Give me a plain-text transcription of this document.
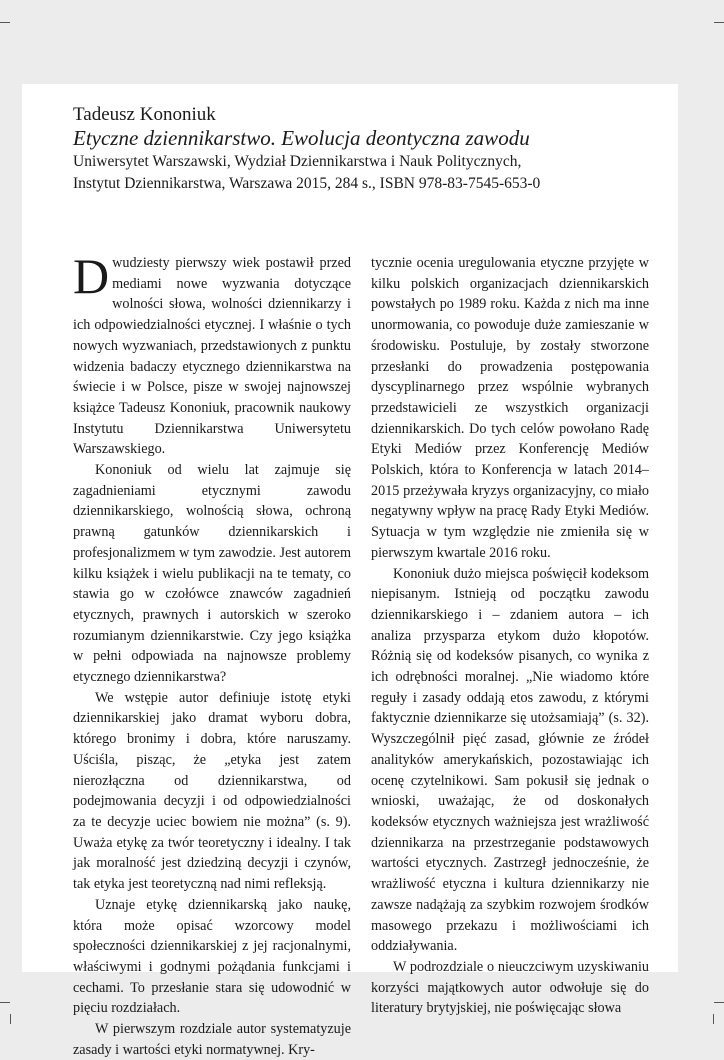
Tadeusz Kononiuk
Etyczne dziennikarstwo. Ewolucja deontyczna zawodu
Uniwersytet Warszawski, Wydział Dziennikarstwa i Nauk Politycznych,
Instytut Dziennikarstwa, Warszawa 2015, 284 s., ISBN 978-83-7545-653-0

Dwudziesty pierwszy wiek postawił przed mediami nowe wyzwania dotyczące wolności słowa, wolności dziennikarzy i ich odpowiedzialności etycznej. I właśnie o tych nowych wyzwaniach, przedstawionych z punktu widzenia badaczy etycznego dziennikarstwa na świecie i w Polsce, pisze w swojej najnowszej książce Tadeusz Kononiuk, pracownik naukowy Instytutu Dziennikarstwa Uniwersytetu Warszawskiego.

Kononiuk od wielu lat zajmuje się zagadnieniami etycznymi zawodu dziennikarskiego, wolnością słowa, ochroną prawną gatunków dziennikarskich i profesjonalizmem w tym zawodzie. Jest autorem kilku książek i wielu publikacji na te tematy, co stawia go w czołówce znawców zagadnień etycznych, prawnych i autorskich w szeroko rozumianym dziennikarstwie. Czy jego książka w pełni odpowiada na najnowsze problemy etycznego dziennikarstwa?

We wstępie autor definiuje istotę etyki dziennikarskiej jako dramat wyboru dobra, którego bronimy i dobra, które naruszamy. Uściśla, pisząc, że „etyka jest zatem nierozłączna od dziennikarstwa, od podejmowania decyzji i od odpowiedzialności za te decyzje uciec bowiem nie można” (s. 9). Uważa etykę za twór teoretyczny i idealny. I tak jak moralność jest dziedziną decyzji i czynów, tak etyka jest teoretyczną nad nimi refleksją.

Uznaje etykę dziennikarską jako naukę, która może opisać wzorcowy model społeczności dziennikarskiej z jej racjonalnymi, właściwymi i godnymi pożądania funkcjami i cechami. To przesłanie stara się udowodnić w pięciu rozdziałach.

W pierwszym rozdziale autor systematyzuje zasady i wartości etyki normatywnej. Kry-

tycznie ocenia uregulowania etyczne przyjęte w kilku polskich organizacjach dziennikarskich powstałych po 1989 roku. Każda z nich ma inne unormowania, co powoduje duże zamieszanie w środowisku. Postuluje, by zostały stworzone przesłanki do prowadzenia postępowania dyscyplinarnego przez wspólnie wybranych przedstawicieli ze wszystkich organizacji dziennikarskich. Do tych celów powołano Radę Etyki Mediów przez Konferencję Mediów Polskich, która to Konferencja w latach 2014–2015 przeżywała kryzys organizacyjny, co miało negatywny wpływ na pracę Rady Etyki Mediów. Sytuacja w tym względzie nie zmieniła się w pierwszym kwartale 2016 roku.

Kononiuk dużo miejsca poświęcił kodeksom niepisanym. Istnieją od początku zawodu dziennikarskiego i – zdaniem autora – ich analiza przysparza etykom dużo kłopotów. Różnią się od kodeksów pisanych, co wynika z ich odrębności moralnej. „Nie wiadomo które reguły i zasady oddają etos zawodu, z którymi faktycznie dziennikarze się utożsamiają” (s. 32). Wyszczególnił pięć zasad, głównie ze źródeł analityków amerykańskich, pozostawiając ich ocenę czytelnikowi. Sam pokusił się jednak o wnioski, uważając, że od doskonałych kodeksów etycznych ważniejsza jest wrażliwość dziennikarza na przestrzeganie podstawowych wartości etycznych. Zastrzegł jednocześnie, że wrażliwość etyczna i kultura dziennikarzy nie zawsze nadążają za szybkim rozwojem środków masowego przekazu i możliwościami ich oddziaływania.

W podrozdziale o nieuczciwym uzyskiwaniu korzyści majątkowych autor odwołuje się do literatury brytyjskiej, nie poświęcając słowa
